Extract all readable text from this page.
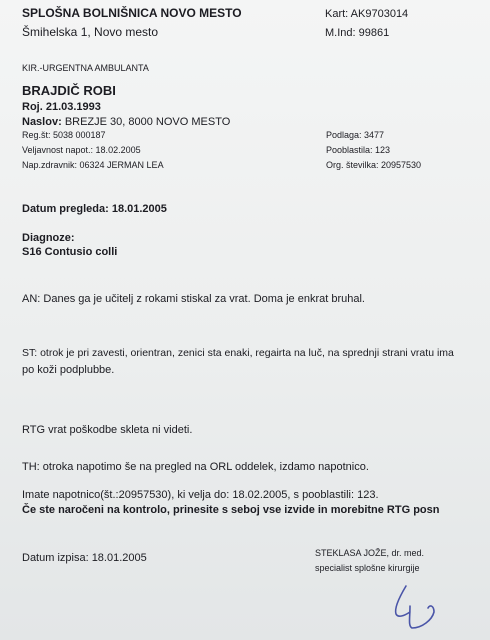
SPLOŠNA BOLNIŠNICA NOVO MESTO
Šmihelska 1, Novo mesto
Kart: AK9703014
M.Ind: 99861
KIR.-URGENTNA AMBULANTA
BRAJDIČ ROBI
Roj. 21.03.1993
Naslov: BREZJE 30, 8000 NOVO MESTO
Reg.št: 5038 000187
Veljavnost napot.: 18.02.2005
Nap.zdravnik: 06324 JERMAN LEA
Podlaga: 3477
Pooblastila: 123
Org. številka: 20957530
Datum pregleda: 18.01.2005
Diagnoze:
S16 Contusio colli
AN: Danes ga je učitelj z rokami stiskal za vrat. Doma je enkrat bruhal.
ST: otrok je pri zavesti, orientran, zenici sta enaki, regairta na luč, na sprednji strani vratu ima
po koži podplubbe.
RTG vrat poškodbe skleta ni videti.
TH: otroka napotimo še na pregled na ORL oddelek, izdamo napotnico.
Imate napotnico(št.:20957530), ki velja do: 18.02.2005, s pooblastili: 123.
Če ste naročeni na kontrolo, prinesite s seboj vse izvide in morebitne RTG posn
Datum izpisa: 18.01.2005	STEKLASA JOŽE, dr. med.
specialist splošne kirurgije
